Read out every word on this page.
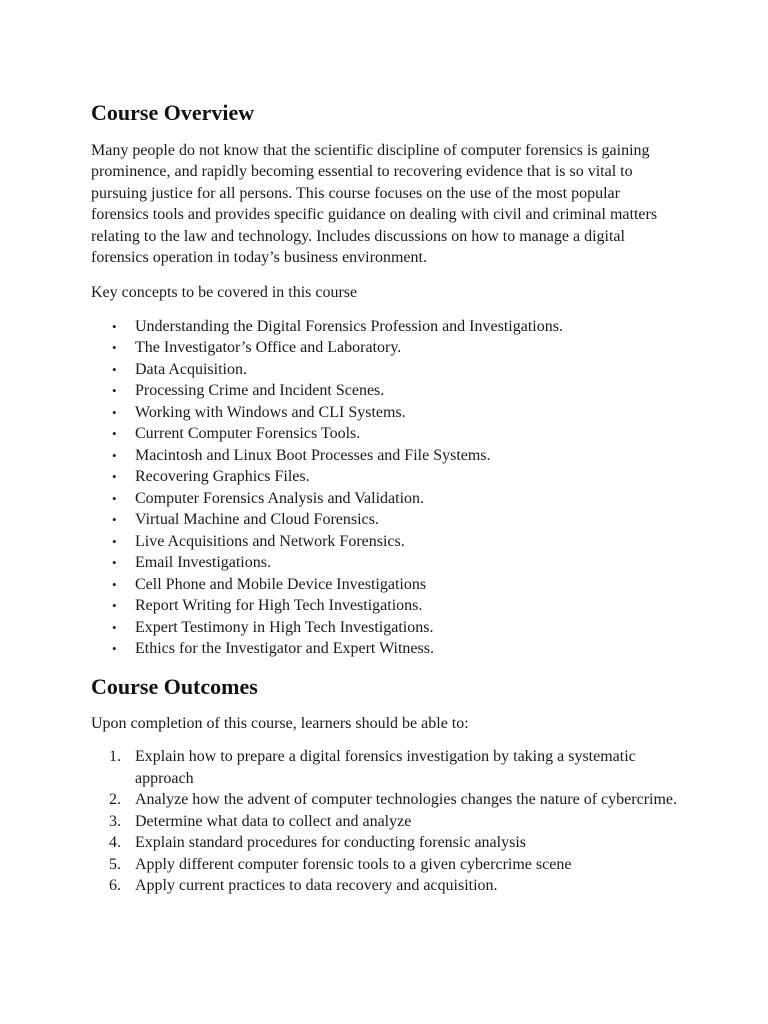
Course Overview

Many people do not know that the scientific discipline of computer forensics is gaining prominence, and rapidly becoming essential to recovering evidence that is so vital to pursuing justice for all persons. This course focuses on the use of the most popular forensics tools and provides specific guidance on dealing with civil and criminal matters relating to the law and technology. Includes discussions on how to manage a digital forensics operation in today’s business environment.

Key concepts to be covered in this course

• Understanding the Digital Forensics Profession and Investigations.
• The Investigator’s Office and Laboratory.
• Data Acquisition.
• Processing Crime and Incident Scenes.
• Working with Windows and CLI Systems.
• Current Computer Forensics Tools.
• Macintosh and Linux Boot Processes and File Systems.
• Recovering Graphics Files.
• Computer Forensics Analysis and Validation.
• Virtual Machine and Cloud Forensics.
• Live Acquisitions and Network Forensics.
• Email Investigations.
• Cell Phone and Mobile Device Investigations
• Report Writing for High Tech Investigations.
• Expert Testimony in High Tech Investigations.
• Ethics for the Investigator and Expert Witness.
Course Outcomes

Upon completion of this course, learners should be able to:

1. Explain how to prepare a digital forensics investigation by taking a systematic approach
2. Analyze how the advent of computer technologies changes the nature of cybercrime.
3. Determine what data to collect and analyze
4. Explain standard procedures for conducting forensic analysis
5. Apply different computer forensic tools to a given cybercrime scene
6. Apply current practices to data recovery and acquisition.
